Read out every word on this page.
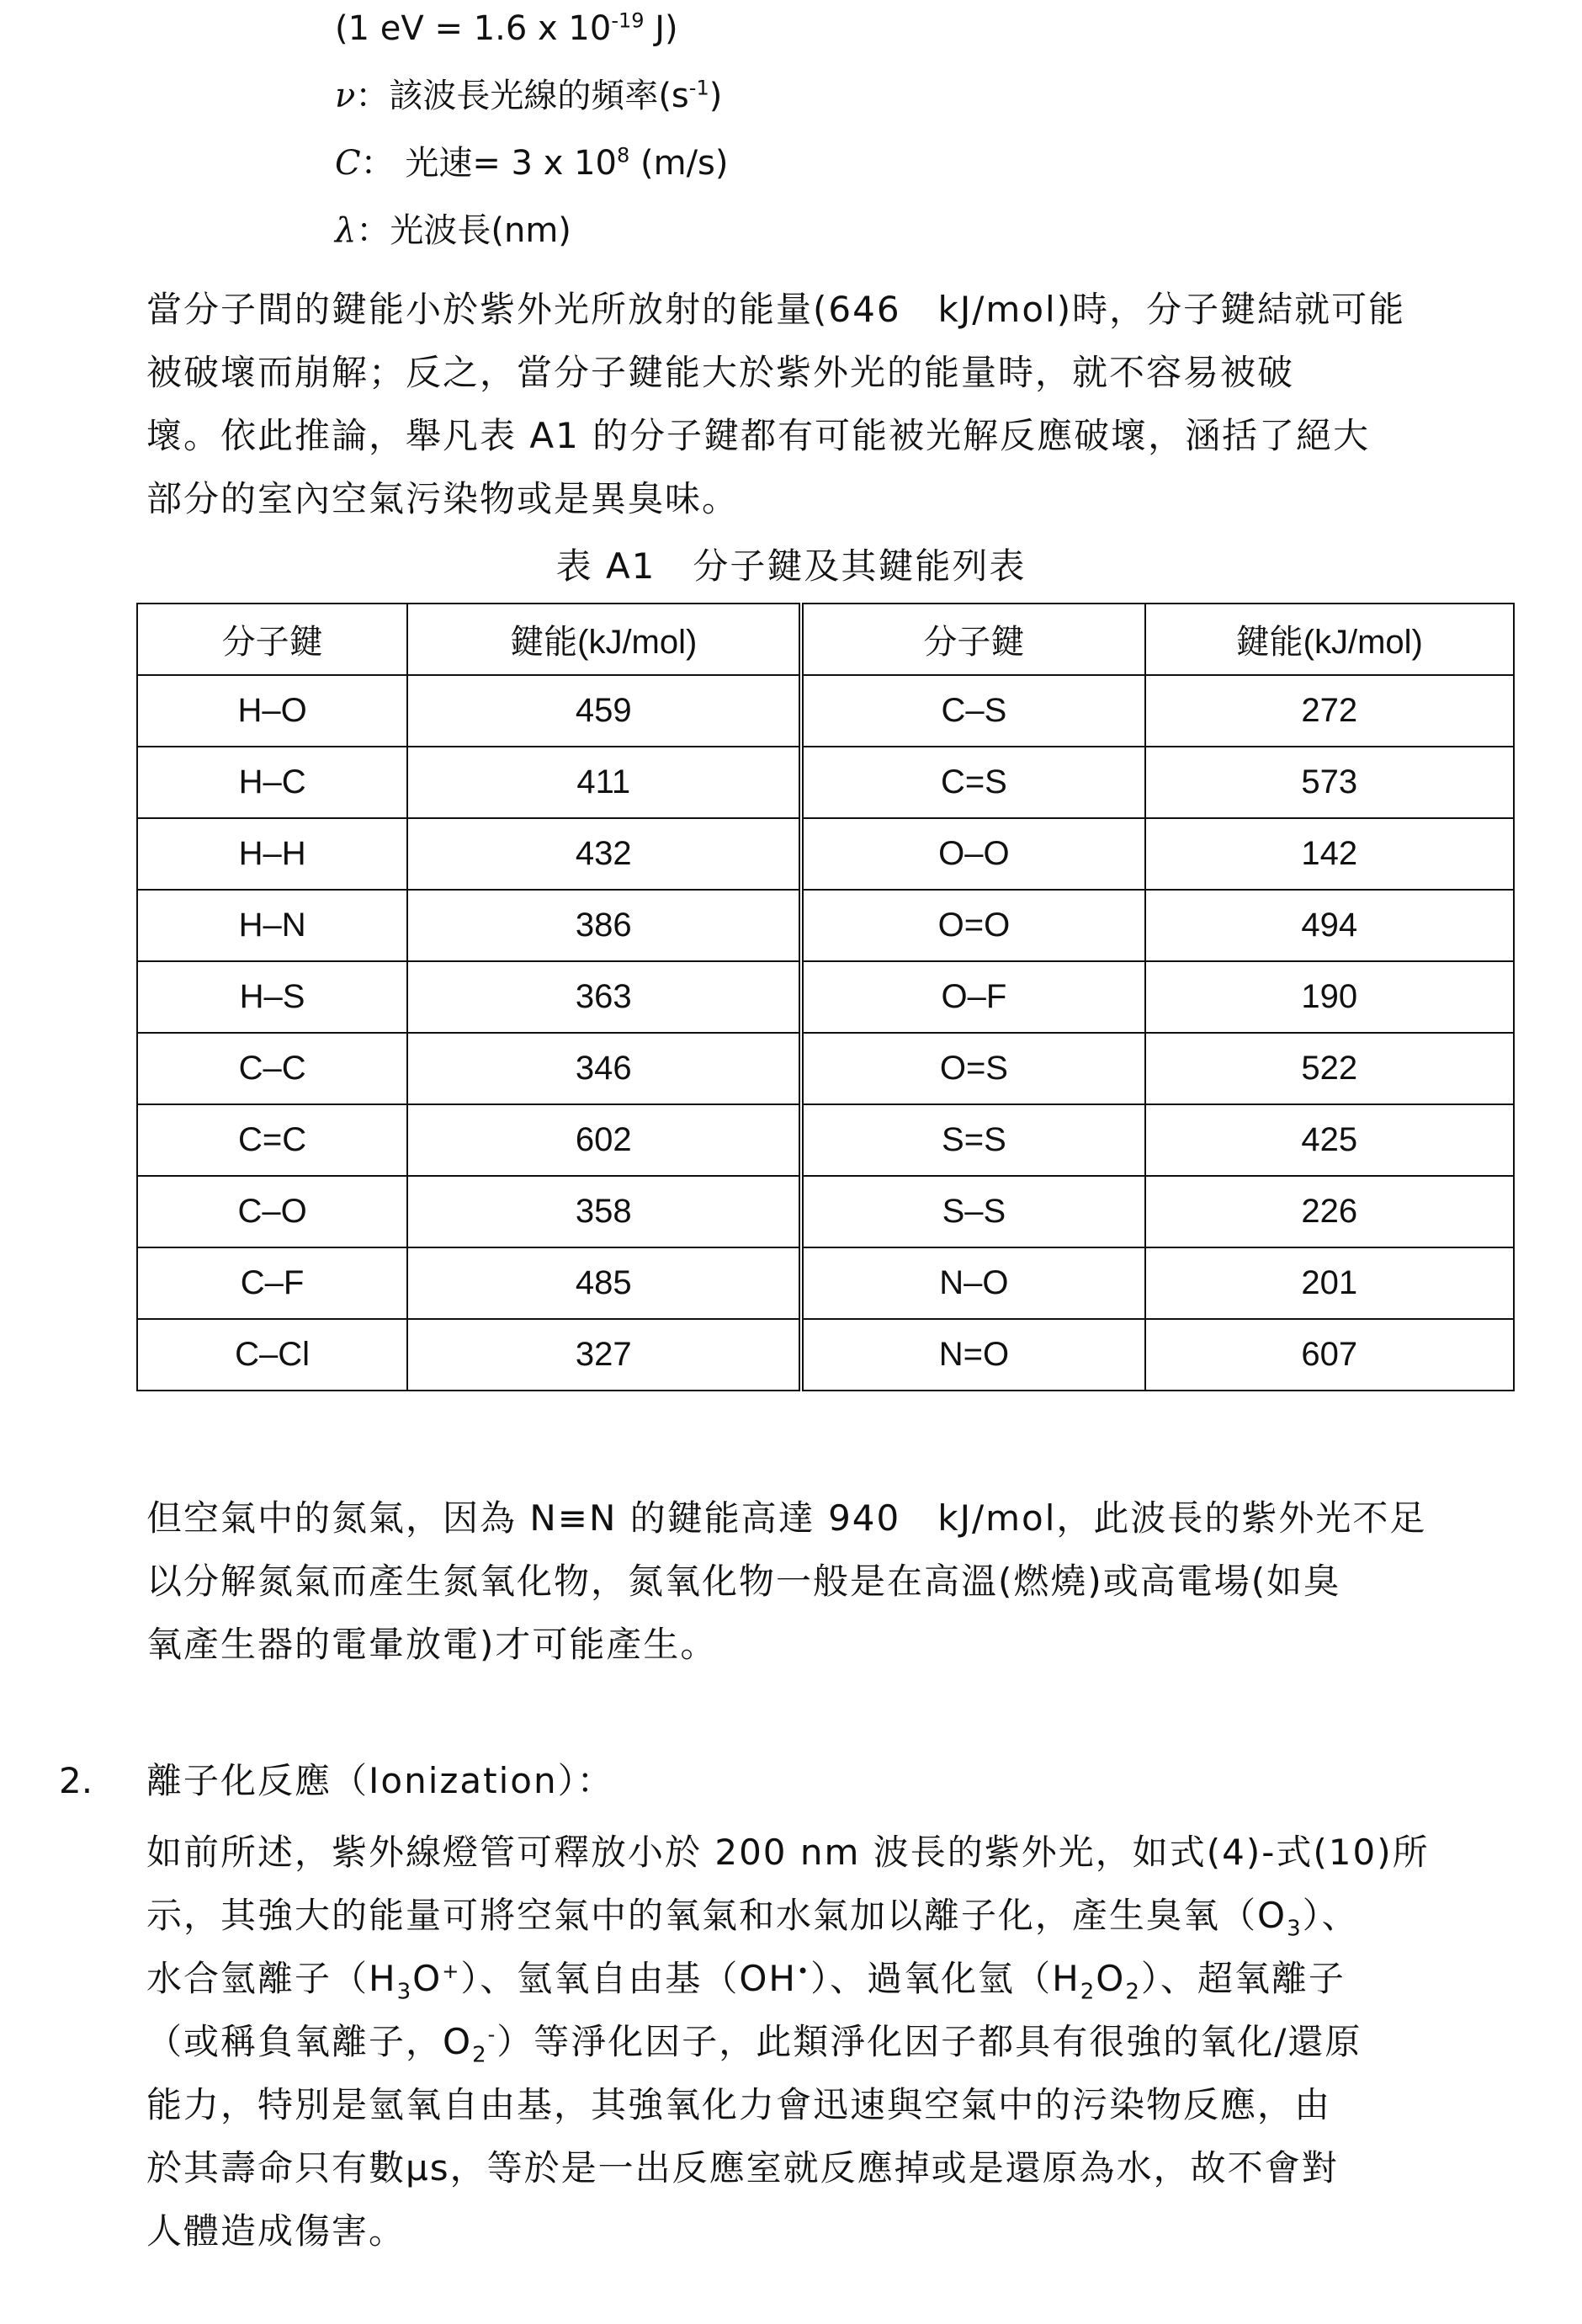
(1 eV = 1.6 x $10^{-19}$ J)
ν：該波長光線的頻率$(s^{-1})$
C： 光速= 3 x $10^8$ (m/s)
λ：光波長(nm)
當分子間的鍵能小於紫外光所放射的能量(646　kJ/mol)時，分子鍵結就可能
被破壞而崩解；反之，當分子鍵能大於紫外光的能量時，就不容易被破
壞。依此推論，舉凡表 A1 的分子鍵都有可能被光解反應破壞，涵括了絕大
部分的室內空氣污染物或是異臭味。
表 A1　分子鍵及其鍵能列表
分子鍵	鍵能(kJ/mol)	分子鍵	鍵能(kJ/mol)
H‒O	459	C‒S	272
H‒C	411	C=S	573
H‒H	432	O‒O	142
H‒N	386	O=O	494
H‒S	363	O‒F	190
C‒C	346	O=S	522
C=C	602	S=S	425
C‒O	358	S‒S	226
C‒F	485	N‒O	201
C‒Cl	327	N=O	607
但空氣中的氮氣，因為 N≡N 的鍵能高達 940　kJ/mol，此波長的紫外光不足
以分解氮氣而產生氮氧化物，氮氧化物一般是在高溫(燃燒)或高電場(如臭
氧產生器的電暈放電)才可能產生。
2. 離子化反應（Ionization）：
如前所述，紫外線燈管可釋放小於 200 nm 波長的紫外光，如式(4)-式(10)所
示，其強大的能量可將空氣中的氧氣和水氣加以離子化，產生臭氧$(O_3)$、
水合氫離子$(H_3O^+)$、氫氧自由基（OH•）、過氧化氫$(H_2O_2)$、超氧離子
（或稱負氧離子，$O_2^-$）等淨化因子，此類淨化因子都具有很強的氧化/還原
能力，特別是氫氧自由基，其強氧化力會迅速與空氣中的污染物反應，由
於其壽命只有數μs，等於是一出反應室就反應掉或是還原為水，故不會對
人體造成傷害。
